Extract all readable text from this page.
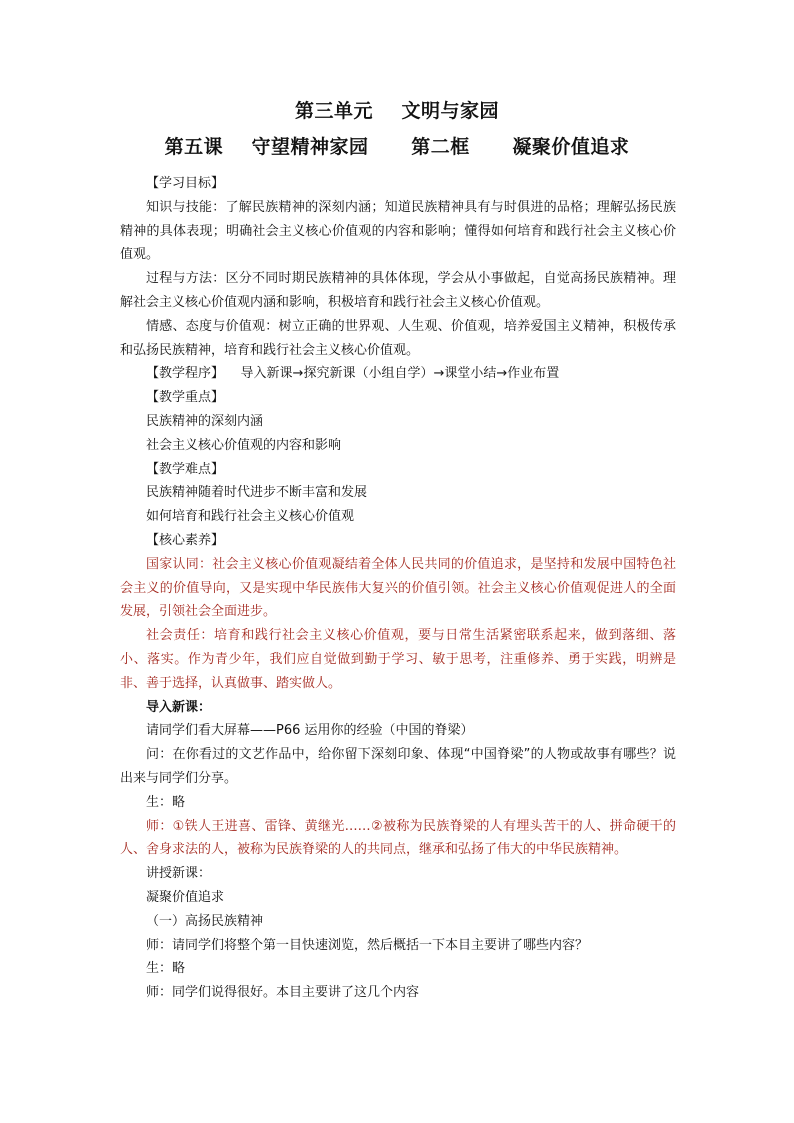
第三单元    文明与家园
第五课    守望精神家园      第二框      凝聚价值追求

【学习目标】

知识与技能：了解民族精神的深刻内涵；知道民族精神具有与时俱进的品格；理解弘扬民族精神的具体表现；明确社会主义核心价值观的内容和影响；懂得如何培育和践行社会主义核心价值观。

过程与方法：区分不同时期民族精神的具体体现，学会从小事做起，自觉高扬民族精神。理解社会主义核心价值观内涵和影响，积极培育和践行社会主义核心价值观。

情感、态度与价值观：树立正确的世界观、人生观、价值观，培养爱国主义精神，积极传承和弘扬民族精神，培育和践行社会主义核心价值观。

【教学程序】    导入新课→探究新课（小组自学）→课堂小结→作业布置

【教学重点】

民族精神的深刻内涵

社会主义核心价值观的内容和影响

【教学难点】

民族精神随着时代进步不断丰富和发展

如何培育和践行社会主义核心价值观

【核心素养】

国家认同：社会主义核心价值观凝结着全体人民共同的价值追求，是坚持和发展中国特色社会主义的价值导向，又是实现中华民族伟大复兴的价值引领。社会主义核心价值观促进人的全面发展，引领社会全面进步。

社会责任：培育和践行社会主义核心价值观，要与日常生活紧密联系起来，做到落细、落小、落实。作为青少年，我们应自觉做到勤于学习、敏于思考，注重修养、勇于实践，明辨是非、善于选择，认真做事、踏实做人。

导入新课：

请同学们看大屏幕——P66 运用你的经验（中国的脊梁）

问：在你看过的文艺作品中，给你留下深刻印象、体现“中国脊梁”的人物或故事有哪些？说出来与同学们分享。

生：略

师：①铁人王进喜、雷锋、黄继光……②被称为民族脊梁的人有埋头苦干的人、拼命硬干的人、舍身求法的人，被称为民族脊梁的人的共同点，继承和弘扬了伟大的中华民族精神。

讲授新课：

凝聚价值追求

（一）高扬民族精神

师：请同学们将整个第一目快速浏览，然后概括一下本目主要讲了哪些内容？

生：略

师：同学们说得很好。本目主要讲了这几个内容
